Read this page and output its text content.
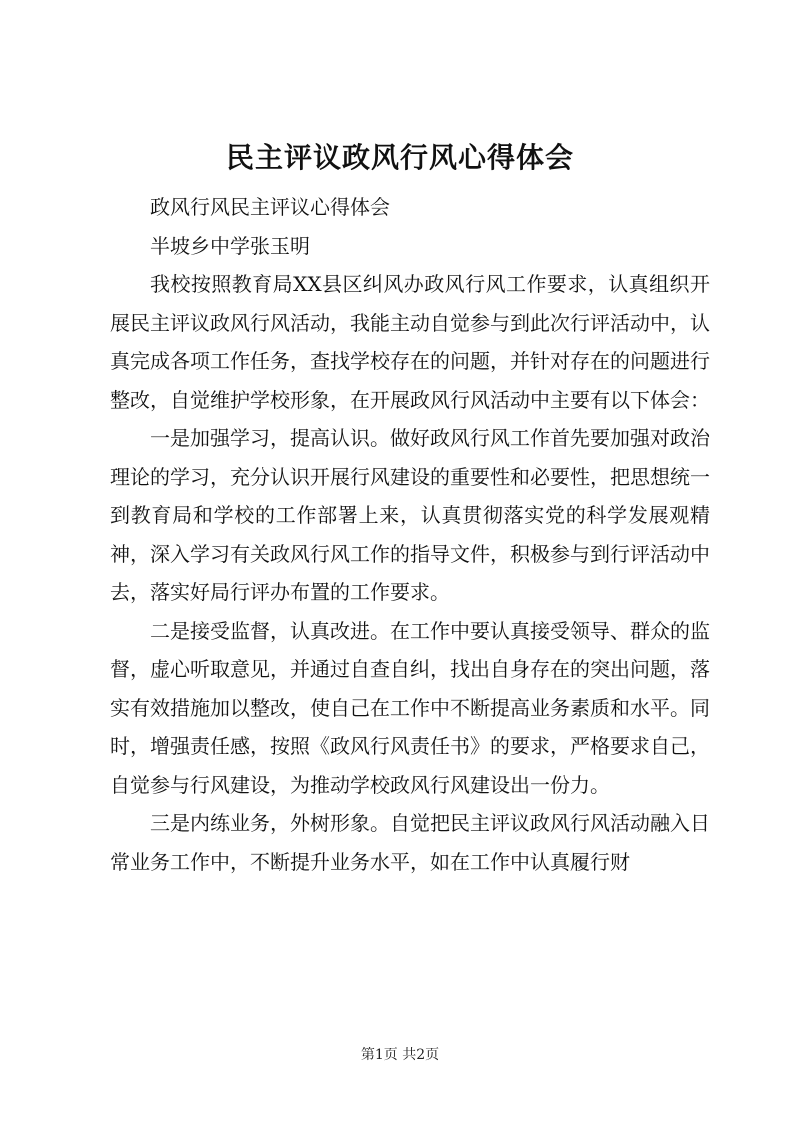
民主评议政风行风心得体会

政风行风民主评议心得体会

半坡乡中学张玉明

我校按照教育局XX县区纠风办政风行风工作要求，认真组织开展民主评议政风行风活动，我能主动自觉参与到此次行评活动中，认真完成各项工作任务，查找学校存在的问题，并针对存在的问题进行整改，自觉维护学校形象，在开展政风行风活动中主要有以下体会：

一是加强学习，提高认识。做好政风行风工作首先要加强对政治理论的学习，充分认识开展行风建设的重要性和必要性，把思想统一到教育局和学校的工作部署上来，认真贯彻落实党的科学发展观精神，深入学习有关政风行风工作的指导文件，积极参与到行评活动中去，落实好局行评办布置的工作要求。

二是接受监督，认真改进。在工作中要认真接受领导、群众的监督，虚心听取意见，并通过自查自纠，找出自身存在的突出问题，落实有效措施加以整改，使自己在工作中不断提高业务素质和水平。同时，增强责任感，按照《政风行风责任书》的要求，严格要求自己，自觉参与行风建设，为推动学校政风行风建设出一份力。

三是内练业务，外树形象。自觉把民主评议政风行风活动融入日常业务工作中，不断提升业务水平，如在工作中认真履行财

第1页 共2页
